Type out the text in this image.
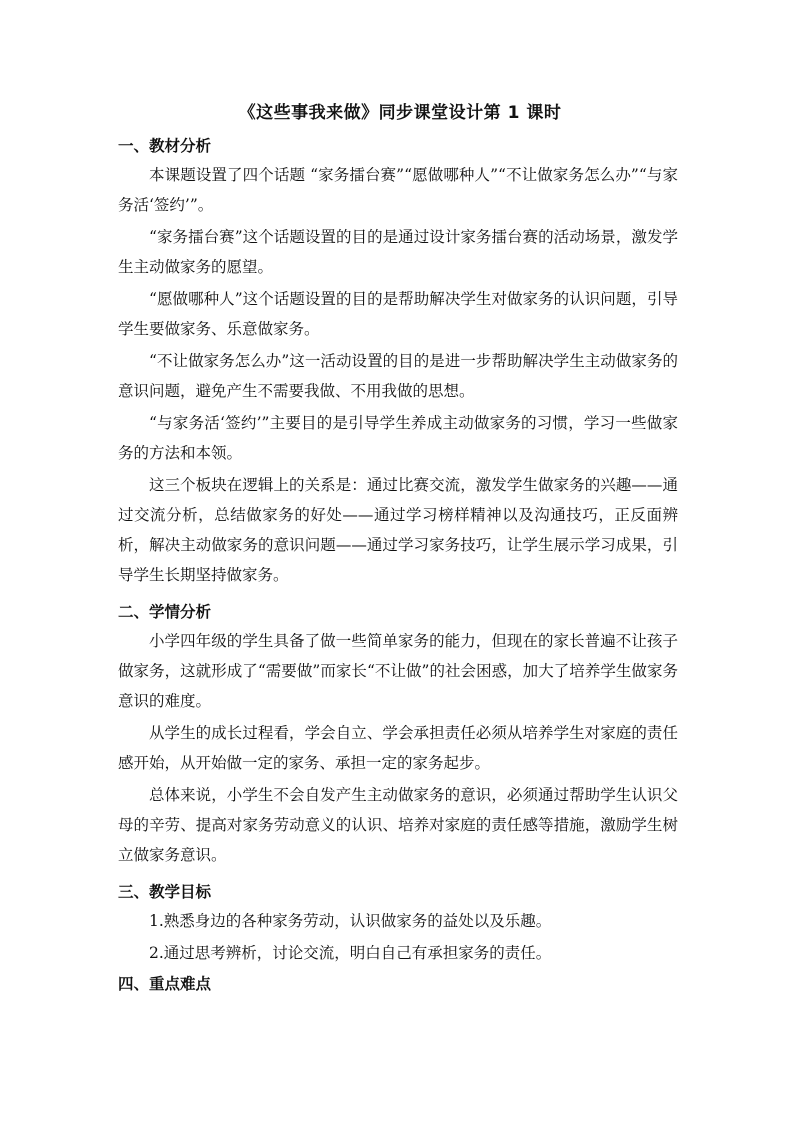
《这些事我来做》同步课堂设计第 1 课时
一、教材分析
本课题设置了四个话题 “家务擂台赛”“愿做哪种人”“不让做家务怎么办”“与家务活‘签约’”。
“家务擂台赛”这个话题设置的目的是通过设计家务擂台赛的活动场景，激发学生主动做家务的愿望。
“愿做哪种人”这个话题设置的目的是帮助解决学生对做家务的认识问题，引导学生要做家务、乐意做家务。
“不让做家务怎么办”这一活动设置的目的是进一步帮助解决学生主动做家务的意识问题，避免产生不需要我做、不用我做的思想。
“与家务活‘签约’”主要目的是引导学生养成主动做家务的习惯，学习一些做家务的方法和本领。
这三个板块在逻辑上的关系是：通过比赛交流，激发学生做家务的兴趣——通过交流分析，总结做家务的好处——通过学习榜样精神以及沟通技巧，正反面辨析，解决主动做家务的意识问题——通过学习家务技巧，让学生展示学习成果，引导学生长期坚持做家务。
二、学情分析
小学四年级的学生具备了做一些简单家务的能力，但现在的家长普遍不让孩子做家务，这就形成了“需要做”而家长“不让做”的社会困惑，加大了培养学生做家务意识的难度。
从学生的成长过程看，学会自立、学会承担责任必须从培养学生对家庭的责任感开始，从开始做一定的家务、承担一定的家务起步。
总体来说，小学生不会自发产生主动做家务的意识，必须通过帮助学生认识父母的辛劳、提高对家务劳动意义的认识、培养对家庭的责任感等措施，激励学生树立做家务意识。
三、教学目标
1.熟悉身边的各种家务劳动，认识做家务的益处以及乐趣。
2.通过思考辨析，讨论交流，明白自己有承担家务的责任。
四、重点难点
